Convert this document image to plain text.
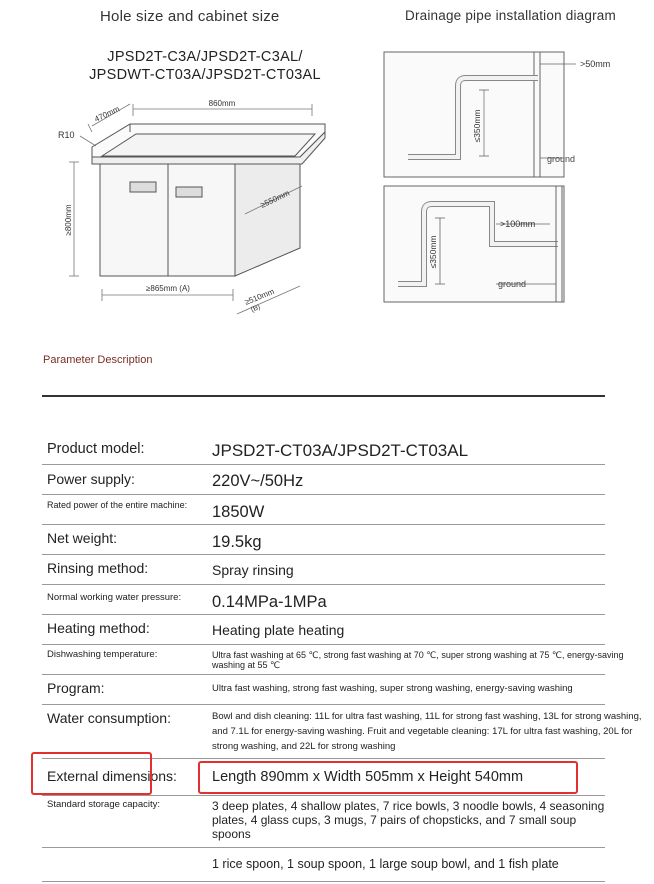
Hole size and cabinet size	Drainage pipe installation diagram
JPSD2T-C3A/JPSD2T-C3AL/
JPSDWT-CT03A/JPSD2T-CT03AL
470mm
860mm
R10
≥800mm
≥550mm
≥865mm (A)	≥510mm
(B)
>50mm
≤350mm
ground
>100mm
≤350mm
ground
Parameter Description
Product model:	JPSD2T-CT03A/JPSD2T-CT03AL
Power supply:	220V~/50Hz
Rated power of the entire machine: 1850W
Net weight:	19.5kg
Rinsing method:	Spray rinsing
Normal working water pressure: 0.14MPa-1MPa
Heating method:	Heating plate heating
Dishwashing temperature:	Ultra fast washing at 65 ℃, strong fast washing at 70 ℃, super strong washing at 75 ℃, energy-saving washing at 55 ℃
Program:	Ultra fast washing, strong fast washing, super strong washing, energy-saving washing
Water consumption:	Bowl and dish cleaning: 11L for ultra fast washing, 11L for strong fast washing, 13L for strong washing, and 7.1L for energy-saving washing. Fruit and vegetable cleaning: 17L for ultra fast washing, 20L for strong washing, and 22L for strong washing
External dimensions: Length 890mm x Width 505mm x Height 540mm
Standard storage capacity:	3 deep plates, 4 shallow plates, 7 rice bowls, 3 noodle bowls, 4 seasoning plates, 4 glass cups, 3 mugs, 7 pairs of chopsticks, and 7 small soup spoons
1 rice spoon, 1 soup spoon, 1 large soup bowl, and 1 fish plate
